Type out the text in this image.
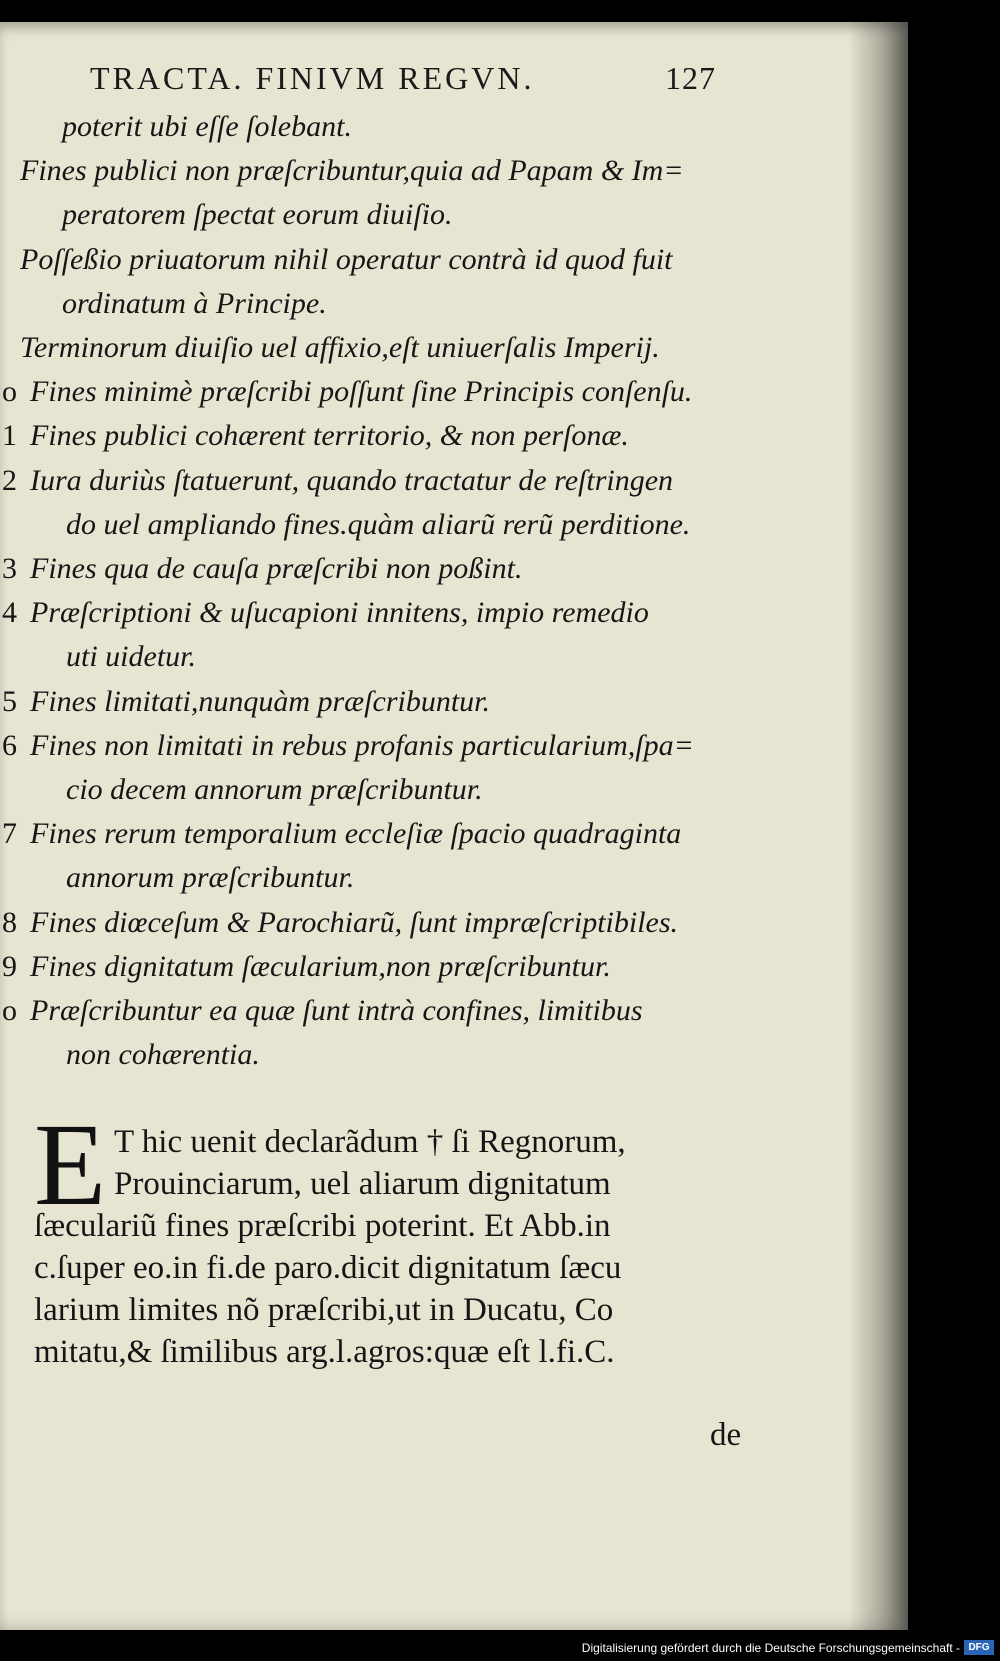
TRACTA. FINIVM REGVN.	127
poterit ubi eſſe ſolebant.
Fines publici non præſcribuntur,quia ad Papam & Im=
peratorem ſpectat eorum diuiſio.
Poſſeßio priuatorum nihil operatur contrà id quod fuit
ordinatum à Principe.
Terminorum diuiſio uel affixio,eſt uniuerſalis Imperij.
o Fines minimè præſcribi poſſunt ſine Principis conſenſu.
1 Fines publici cohærent territorio, & non perſonæ.
2 Iura duriùs ſtatuerunt, quando tractatur de reſtringen
do uel ampliando fines.quàm aliarũ rerũ perditione.
3 Fines qua de cauſa præſcribi non poßint.
4 Præſcriptioni & uſucapioni innitens, impio remedio
uti uidetur.
5 Fines limitati,nunquàm præſcribuntur.
6 Fines non limitati in rebus profanis particularium,ſpa=
cio decem annorum præſcribuntur.
7 Fines rerum temporalium eccleſiæ ſpacio quadraginta
annorum præſcribuntur.
8 Fines diœceſum & Parochiarũ, ſunt impræſcriptibiles.
9 Fines dignitatum ſæcularium,non præſcribuntur.
o Præſcribuntur ea quæ ſunt intrà confines, limitibus
non cohærentia.
E T hic uenit declarãdum † ſi Regnorum,
Prouinciarum, uel aliarum dignitatum
ſæculariũ fines præſcribi poterint. Et Abb.in
c.ſuper eo.in fi.de paro.dicit dignitatum ſæcu
larium limites nõ præſcribi,ut in Ducatu, Co
mitatu,& ſimilibus arg.l.agros:quæ eſt l.fi.C.
de
Digitalisierung gefördert durch die Deutsche Forschungsgemeinschaft - DFG
